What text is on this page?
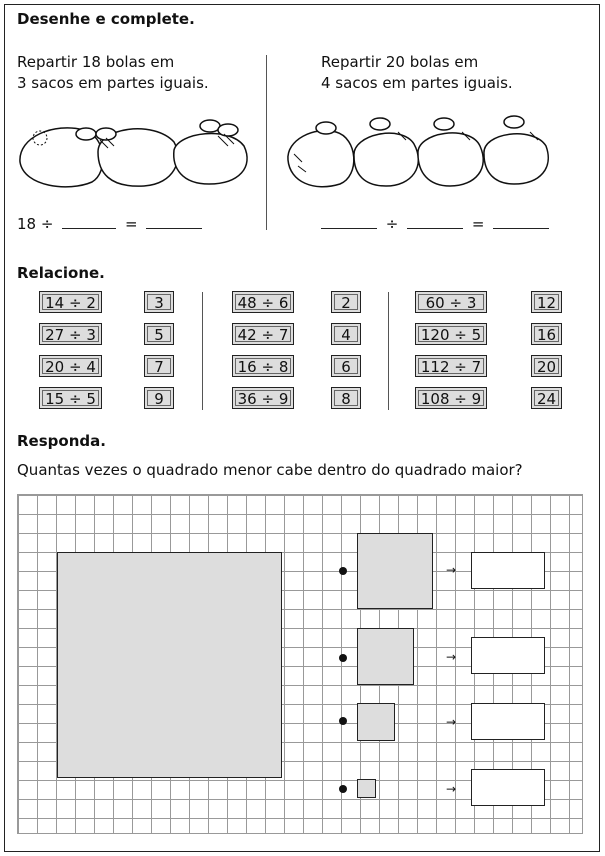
Desenhe e complete.
Repartir 18 bolas em
3 sacos em partes iguais.
Repartir 20 bolas em
4 sacos em partes iguais.
18 ÷	=	÷	=
Relacione.
14 ÷ 2
27 ÷ 3
20 ÷ 4
15 ÷ 5
3
5
7
9
48 ÷ 6
42 ÷ 7
16 ÷ 8
36 ÷ 9
2
4
6
8
60 ÷ 3
120 ÷ 5
112 ÷ 7
108 ÷ 9
12
16
20
24
Responda.
Quantas vezes o quadrado menor cabe dentro do quadrado maior?
→
→
→
→
